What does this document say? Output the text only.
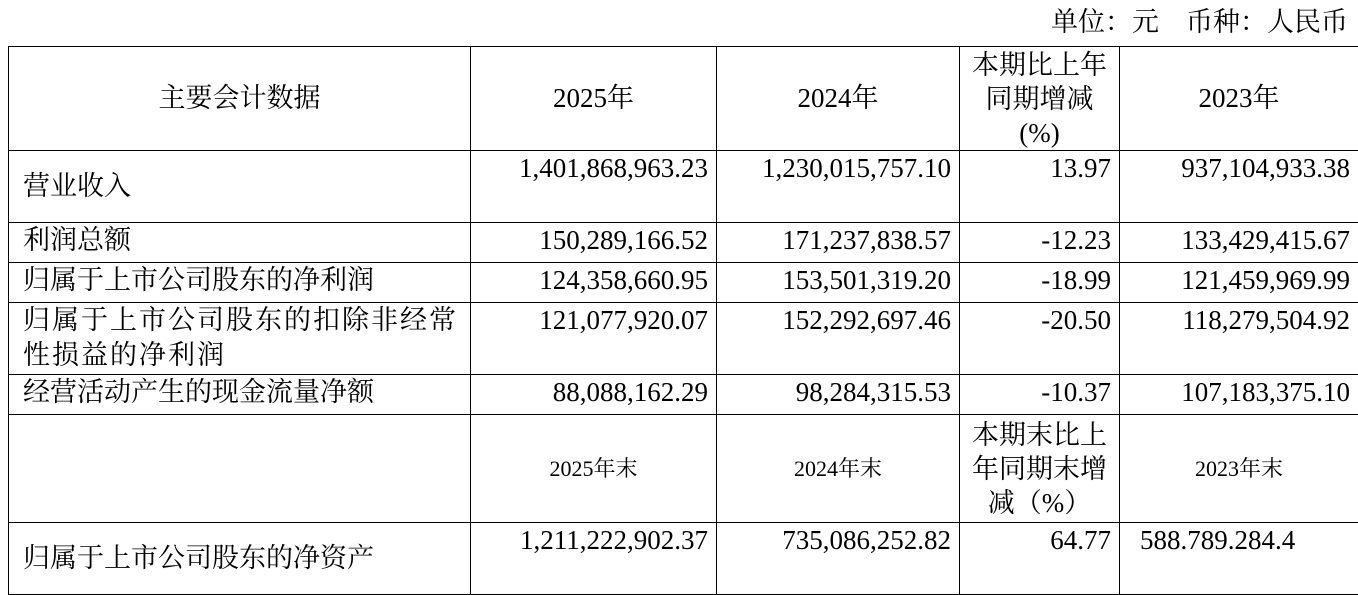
单位：元　币种：人民币
主要会计数据	2025年	2024年	本期比上年同期增减(%)	2023年
营业收入	1,401,868,963.23	1,230,015,757.10	13.97	937,104,933.38
利润总额	150,289,166.52	171,237,838.57	-12.23	133,429,415.67
归属于上市公司股东的净利润	124,358,660.95	153,501,319.20	-18.99	121,459,969.99
归属于上市公司股东的扣除非经常性损益的净利润	121,077,920.07	152,292,697.46	-20.50	118,279,504.92
经营活动产生的现金流量净额	88,088,162.29	98,284,315.53	-10.37	107,183,375.10
	2025年末	2024年末	本期末比上年同期末增减（%）	2023年末
归属于上市公司股东的净资产	1,211,222,902.37	735,086,252.82	64.77	588.789.284.4
